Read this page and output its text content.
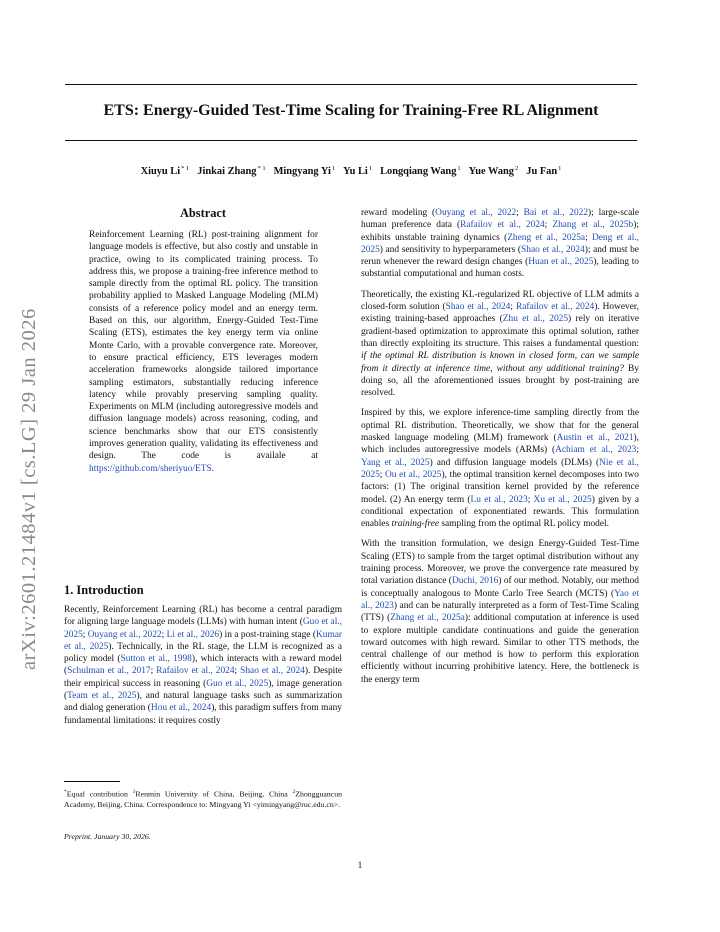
ETS: Energy-Guided Test-Time Scaling for Training-Free RL Alignment
Xiuyu Li$^{* 1}$ Jinkai Zhang$^{* 1}$ Mingyang Yi$^1$ Yu Li$^1$ Longqiang Wang$^1$ Yue Wang$^2$ Ju Fan$^1$
arXiv:2601.21484v1 [cs.LG] 29 Jan 2026
Abstract
Reinforcement Learning (RL) post-training alignment for language models is effective, but also costly and unstable in practice, owing to its complicated training process. To address this, we propose a training-free inference method to sample directly from the optimal RL policy. The transition probability applied to Masked Language Modeling (MLM) consists of a reference policy model and an energy term. Based on this, our algorithm, Energy-Guided Test-Time Scaling (ETS), estimates the key energy term via online Monte Carlo, with a provable convergence rate. Moreover, to ensure practical efficiency, ETS leverages modern acceleration frameworks alongside tailored importance sampling estimators, substantially reducing inference latency while provably preserving sampling quality. Experiments on MLM (including autoregressive models and diffusion language models) across reasoning, coding, and science benchmarks show that our ETS consistently improves generation quality, validating its effectiveness and design. The code is availale at https://github.com/sheriyuo/ETS.
1. Introduction

Recently, Reinforcement Learning (RL) has become a central paradigm for aligning large language models (LLMs) with human intent (Guo et al., 2025; Ouyang et al., 2022; Li et al., 2026) in a post-training stage (Kumar et al., 2025). Technically, in the RL stage, the LLM is recognized as a policy model (Sutton et al., 1998), which interacts with a reward model (Schulman et al., 2017; Rafailov et al., 2024; Shao et al., 2024). Despite their empirical success in reasoning (Guo et al., 2025), image generation (Team et al., 2025), and natural language tasks such as summarization and dialog generation (Hou et al., 2024), this paradigm suffers from many fundamental limitations: it requires costly

reward modeling (Ouyang et al., 2022; Bai et al., 2022); large-scale human preference data (Rafailov et al., 2024; Zhang et al., 2025b); exhibits unstable training dynamics (Zheng et al., 2025a; Deng et al., 2025) and sensitivity to hyperparameters (Shao et al., 2024); and must be rerun whenever the reward design changes (Huan et al., 2025), leading to substantial computational and human costs.

Theoretically, the existing KL-regularized RL objective of LLM admits a closed-form solution (Shao et al., 2024; Rafailov et al., 2024). However, existing training-based approaches (Zhu et al., 2025) rely on iterative gradient-based optimization to approximate this optimal solution, rather than directly exploiting its structure. This raises a fundamental question: if the optimal RL distribution is known in closed form, can we sample from it directly at inference time, without any additional training? By doing so, all the aforementioned issues brought by post-training are resolved.

Inspired by this, we explore inference-time sampling directly from the optimal RL distribution. Theoretically, we show that for the general masked language modeling (MLM) framework (Austin et al., 2021), which includes autoregressive models (ARMs) (Achiam et al., 2023; Yang et al., 2025) and diffusion language models (DLMs) (Nie et al., 2025; Ou et al., 2025), the optimal transition kernel decomposes into two factors: (1) The original transition kernel provided by the reference model. (2) An energy term (Lu et al., 2023; Xu et al., 2025) given by a conditional expectation of exponentiated rewards. This formulation enables training-free sampling from the optimal RL policy model.

With the transition formulation, we design Energy-Guided Test-Time Scaling (ETS) to sample from the target optimal distribution without any training process. Moreover, we prove the convergence rate measured by total variation distance (Duchi, 2016) of our method. Notably, our method is conceptually analogous to Monte Carlo Tree Search (MCTS) (Yao et al., 2023) and can be naturally interpreted as a form of Test-Time Scaling (TTS) (Zhang et al., 2025a): additional computation at inference is used to explore multiple candidate continuations and guide the generation toward outcomes with high reward. Similar to other TTS methods, the central challenge of our method is how to perform this exploration efficiently without incurring prohibitive latency. Here, the bottleneck is the energy term

*Equal contribution $^1$Renmin University of China, Beijing, China $^2$Zhongguancun Academy, Beijing, China. Correspondence to: Mingyang Yi <yimingyang@ruc.edu.cn>.
Preprint. January 30, 2026.
1
